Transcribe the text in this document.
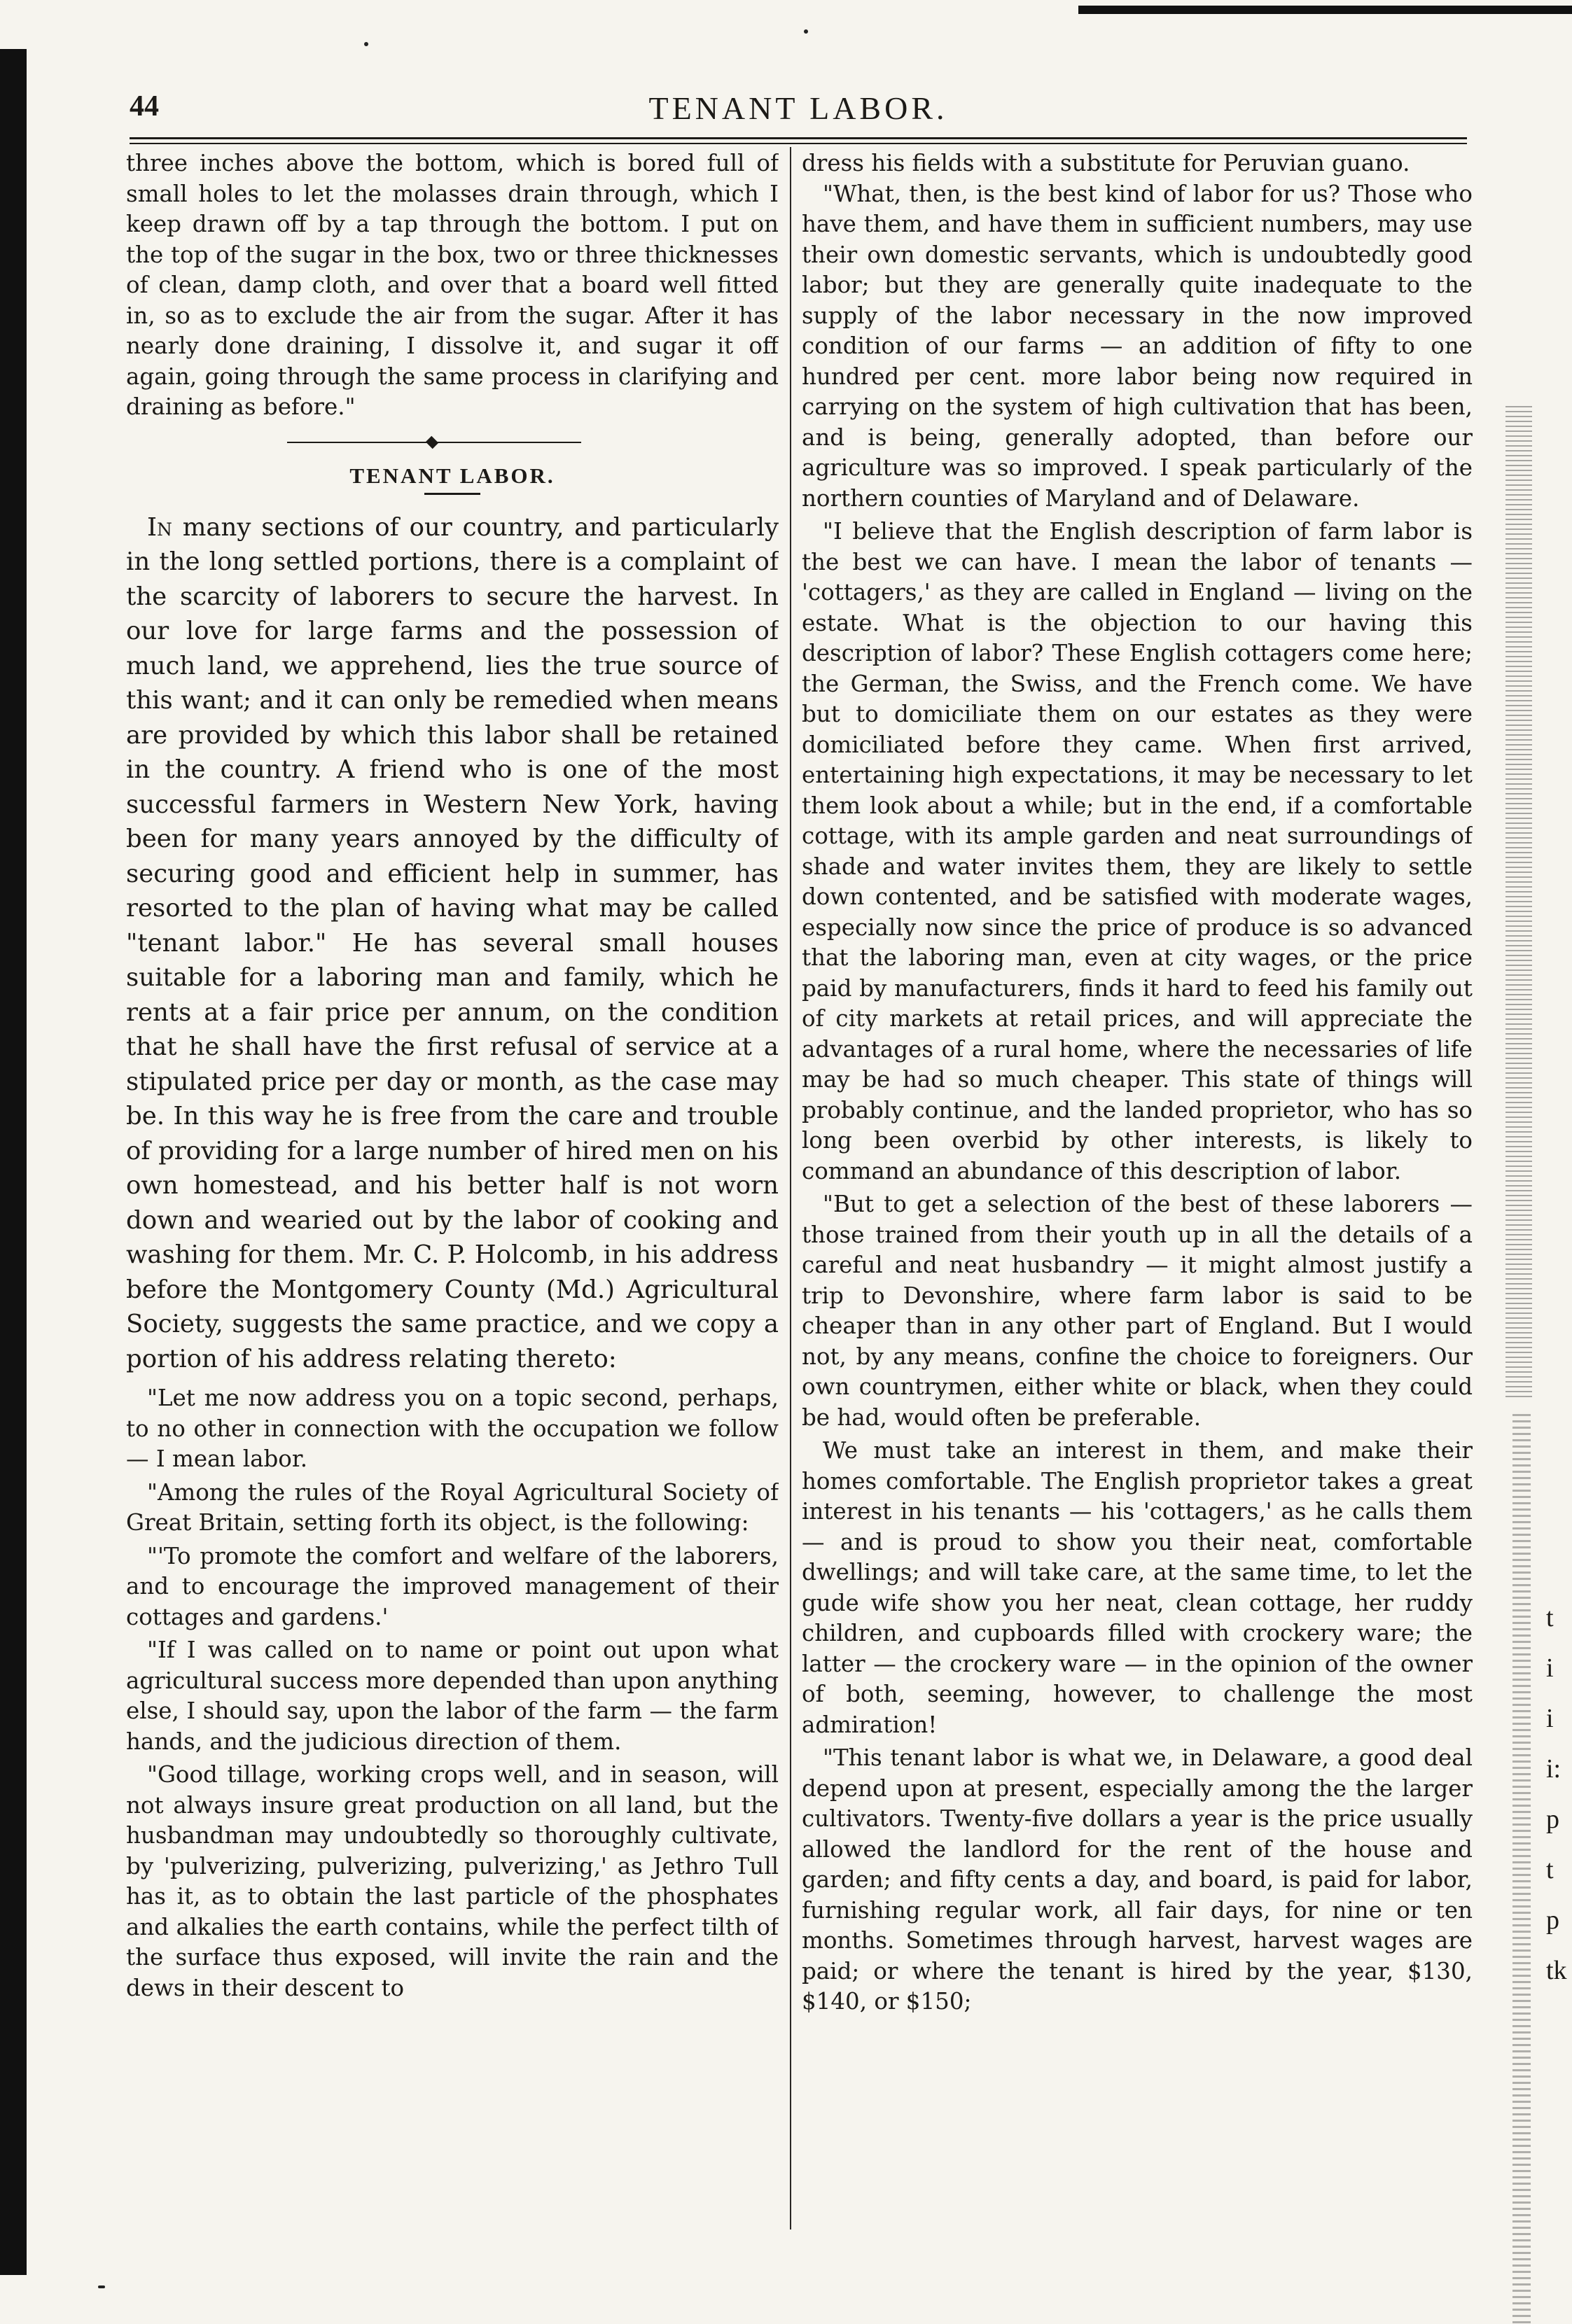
44	TENANT LABOR.

three inches above the bottom, which is bored full of small holes to let the molasses drain through, which I keep drawn off by a tap through the bottom. I put on the top of the sugar in the box, two or three thicknesses of clean, damp cloth, and over that a board well fitted in, so as to exclude the air from the sugar. After it has nearly done draining, I dissolve it, and sugar it off again, going through the same process in clarifying and draining as before."

TENANT LABOR.

In many sections of our country, and particularly in the long settled portions, there is a complaint of the scarcity of laborers to secure the harvest. In our love for large farms and the possession of much land, we apprehend, lies the true source of this want; and it can only be remedied when means are provided by which this labor shall be retained in the country. A friend who is one of the most successful farmers in Western New York, having been for many years annoyed by the difficulty of securing good and efficient help in summer, has resorted to the plan of having what may be called "tenant labor." He has several small houses suitable for a laboring man and family, which he rents at a fair price per annum, on the condition that he shall have the first refusal of service at a stipulated price per day or month, as the case may be. In this way he is free from the care and trouble of providing for a large number of hired men on his own homestead, and his better half is not worn down and wearied out by the labor of cooking and washing for them. Mr. C. P. Holcomb, in his address before the Montgomery County (Md.) Agricultural Society, suggests the same practice, and we copy a portion of his address relating thereto:

"Let me now address you on a topic second, perhaps, to no other in connection with the occupation we follow — I mean labor.

"Among the rules of the Royal Agricultural Society of Great Britain, setting forth its object, is the following:

"'To promote the comfort and welfare of the laborers, and to encourage the improved management of their cottages and gardens.'

"If I was called on to name or point out upon what agricultural success more depended than upon anything else, I should say, upon the labor of the farm — the farm hands, and the judicious direction of them.

"Good tillage, working crops well, and in season, will not always insure great production on all land, but the husbandman may undoubtedly so thoroughly cultivate, by 'pulverizing, pulverizing, pulverizing,' as Jethro Tull has it, as to obtain the last particle of the phosphates and alkalies the earth contains, while the perfect tilth of the surface thus exposed, will invite the rain and the dews in their descent to

dress his fields with a substitute for Peruvian guano.

"What, then, is the best kind of labor for us? Those who have them, and have them in sufficient numbers, may use their own domestic servants, which is undoubtedly good labor; but they are generally quite inadequate to the supply of the labor necessary in the now improved condition of our farms — an addition of fifty to one hundred per cent. more labor being now required in carrying on the system of high cultivation that has been, and is being, generally adopted, than before our agriculture was so improved. I speak particularly of the northern counties of Maryland and of Delaware.

"I believe that the English description of farm labor is the best we can have. I mean the labor of tenants — 'cottagers,' as they are called in England — living on the estate. What is the objection to our having this description of labor? These English cottagers come here; the German, the Swiss, and the French come. We have but to domiciliate them on our estates as they were domiciliated before they came. When first arrived, entertaining high expectations, it may be necessary to let them look about a while; but in the end, if a comfortable cottage, with its ample garden and neat surroundings of shade and water invites them, they are likely to settle down contented, and be satisfied with moderate wages, especially now since the price of produce is so advanced that the laboring man, even at city wages, or the price paid by manufacturers, finds it hard to feed his family out of city markets at retail prices, and will appreciate the advantages of a rural home, where the necessaries of life may be had so much cheaper. This state of things will probably continue, and the landed proprietor, who has so long been overbid by other interests, is likely to command an abundance of this description of labor.

"But to get a selection of the best of these laborers — those trained from their youth up in all the details of a careful and neat husbandry — it might almost justify a trip to Devonshire, where farm labor is said to be cheaper than in any other part of England. But I would not, by any means, confine the choice to foreigners. Our own countrymen, either white or black, when they could be had, would often be preferable.

We must take an interest in them, and make their homes comfortable. The English proprietor takes a great interest in his tenants — his 'cottagers,' as he calls them — and is proud to show you their neat, comfortable dwellings; and will take care, at the same time, to let the gude wife show you her neat, clean cottage, her ruddy children, and cupboards filled with crockery ware; the latter — the crockery ware — in the opinion of the owner of both, seeming, however, to challenge the most admiration!

"This tenant labor is what we, in Delaware, a good deal depend upon at present, especially among the the larger cultivators. Twenty-five dollars a year is the price usually allowed the landlord for the rent of the house and garden; and fifty cents a day, and board, is paid for labor, furnishing regular work, all fair days, for nine or ten months. Sometimes through harvest, harvest wages are paid; or where the tenant is hired by the year, $130, $140, or $150;

t
i
i
i:
p
t
p
tk
